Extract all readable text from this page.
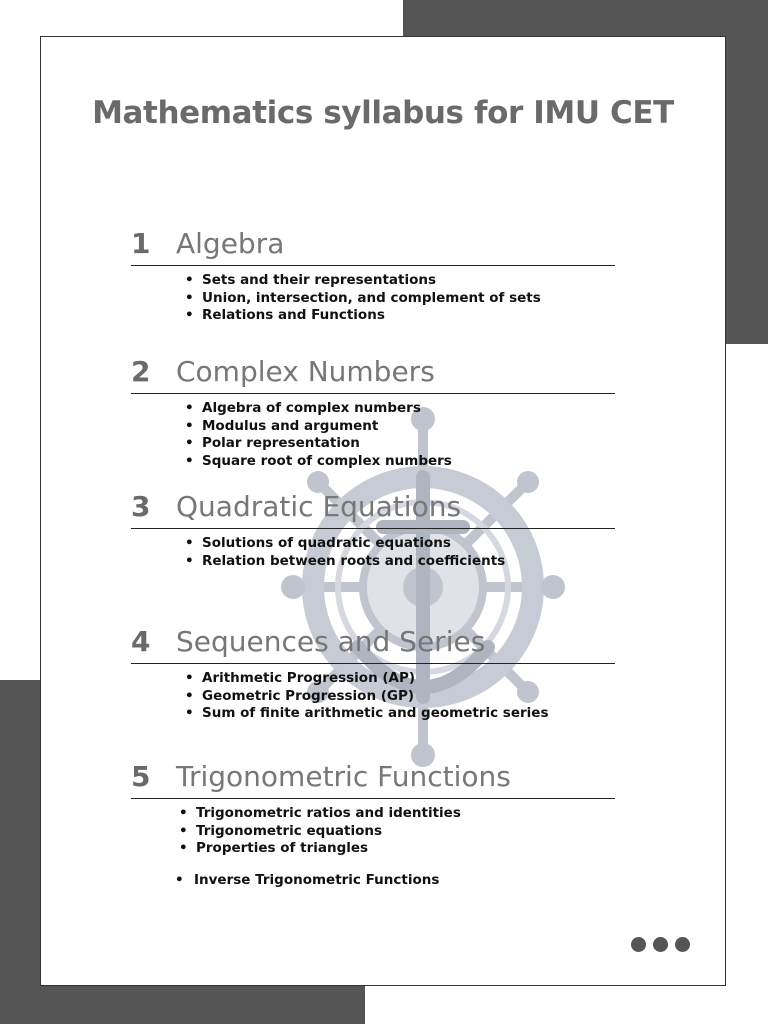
Mathematics syllabus for IMU CET
1 Algebra
• Sets and their representations
• Union, intersection, and complement of sets
• Relations and Functions
2 Complex Numbers
• Algebra of complex numbers
• Modulus and argument
• Polar representation
• Square root of complex numbers
3 Quadratic Equations
• Solutions of quadratic equations
• Relation between roots and coefficients
4 Sequences and Series
• Arithmetic Progression (AP)
• Geometric Progression (GP)
• Sum of finite arithmetic and geometric series
5 Trigonometric Functions
• Trigonometric ratios and identities
• Trigonometric equations
• Properties of triangles
• Inverse Trigonometric Functions
